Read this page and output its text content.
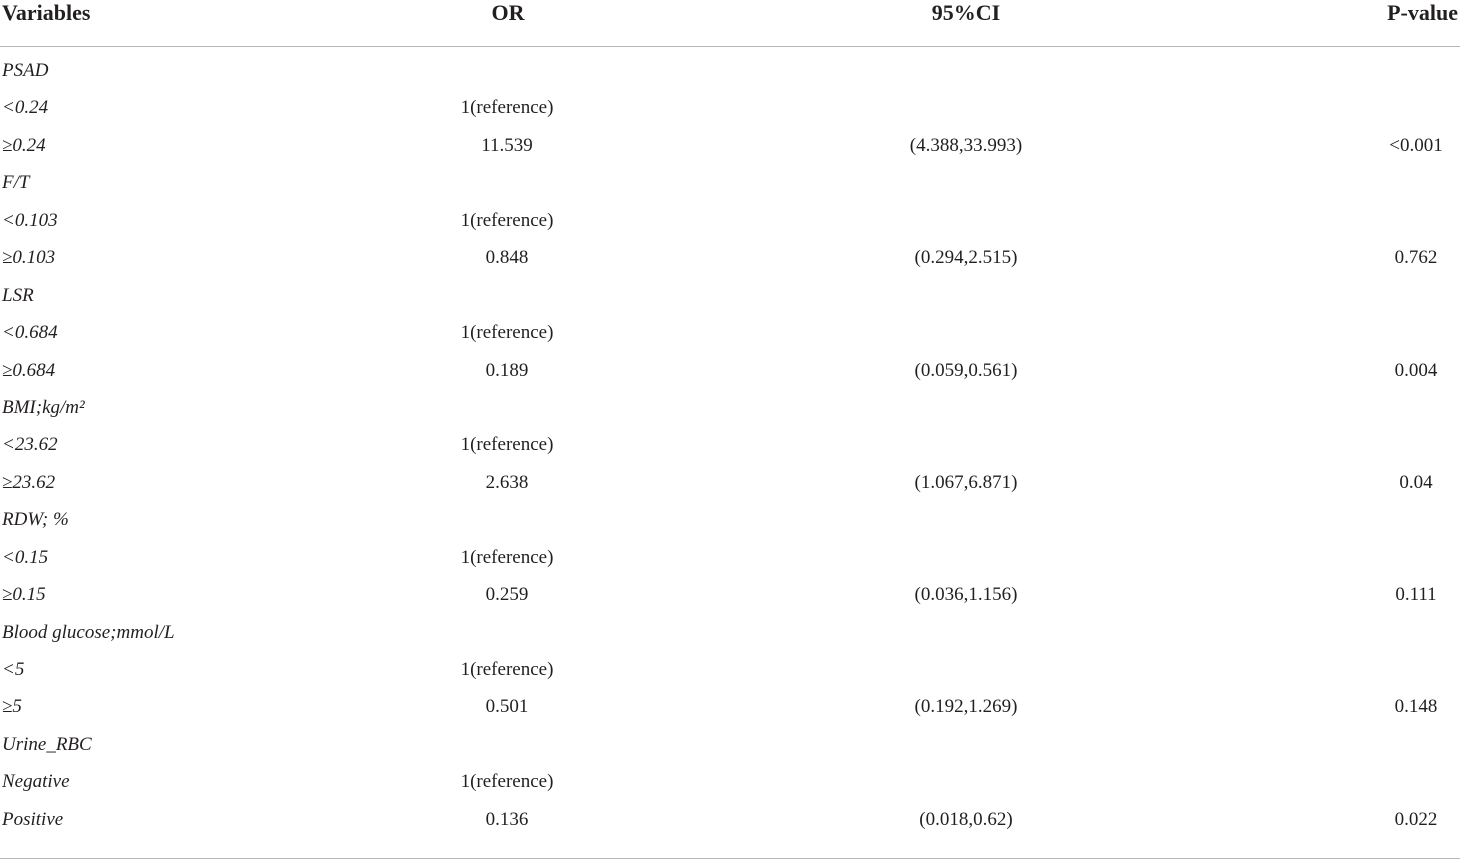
Variables	OR	95%CI	P-value
PSAD
<0.24	1(reference)
≥0.24	11.539	(4.388,33.993)	<0.001
F/T
<0.103	1(reference)
≥0.103	0.848	(0.294,2.515)	0.762
LSR
<0.684	1(reference)
≥0.684	0.189	(0.059,0.561)	0.004
BMI;kg/m²
<23.62	1(reference)
≥23.62	2.638	(1.067,6.871)	0.04
RDW; %
<0.15	1(reference)
≥0.15	0.259	(0.036,1.156)	0.111
Blood glucose;mmol/L
<5	1(reference)
≥5	0.501	(0.192,1.269)	0.148
Urine_RBC
Negative	1(reference)
Positive	0.136	(0.018,0.62)	0.022
